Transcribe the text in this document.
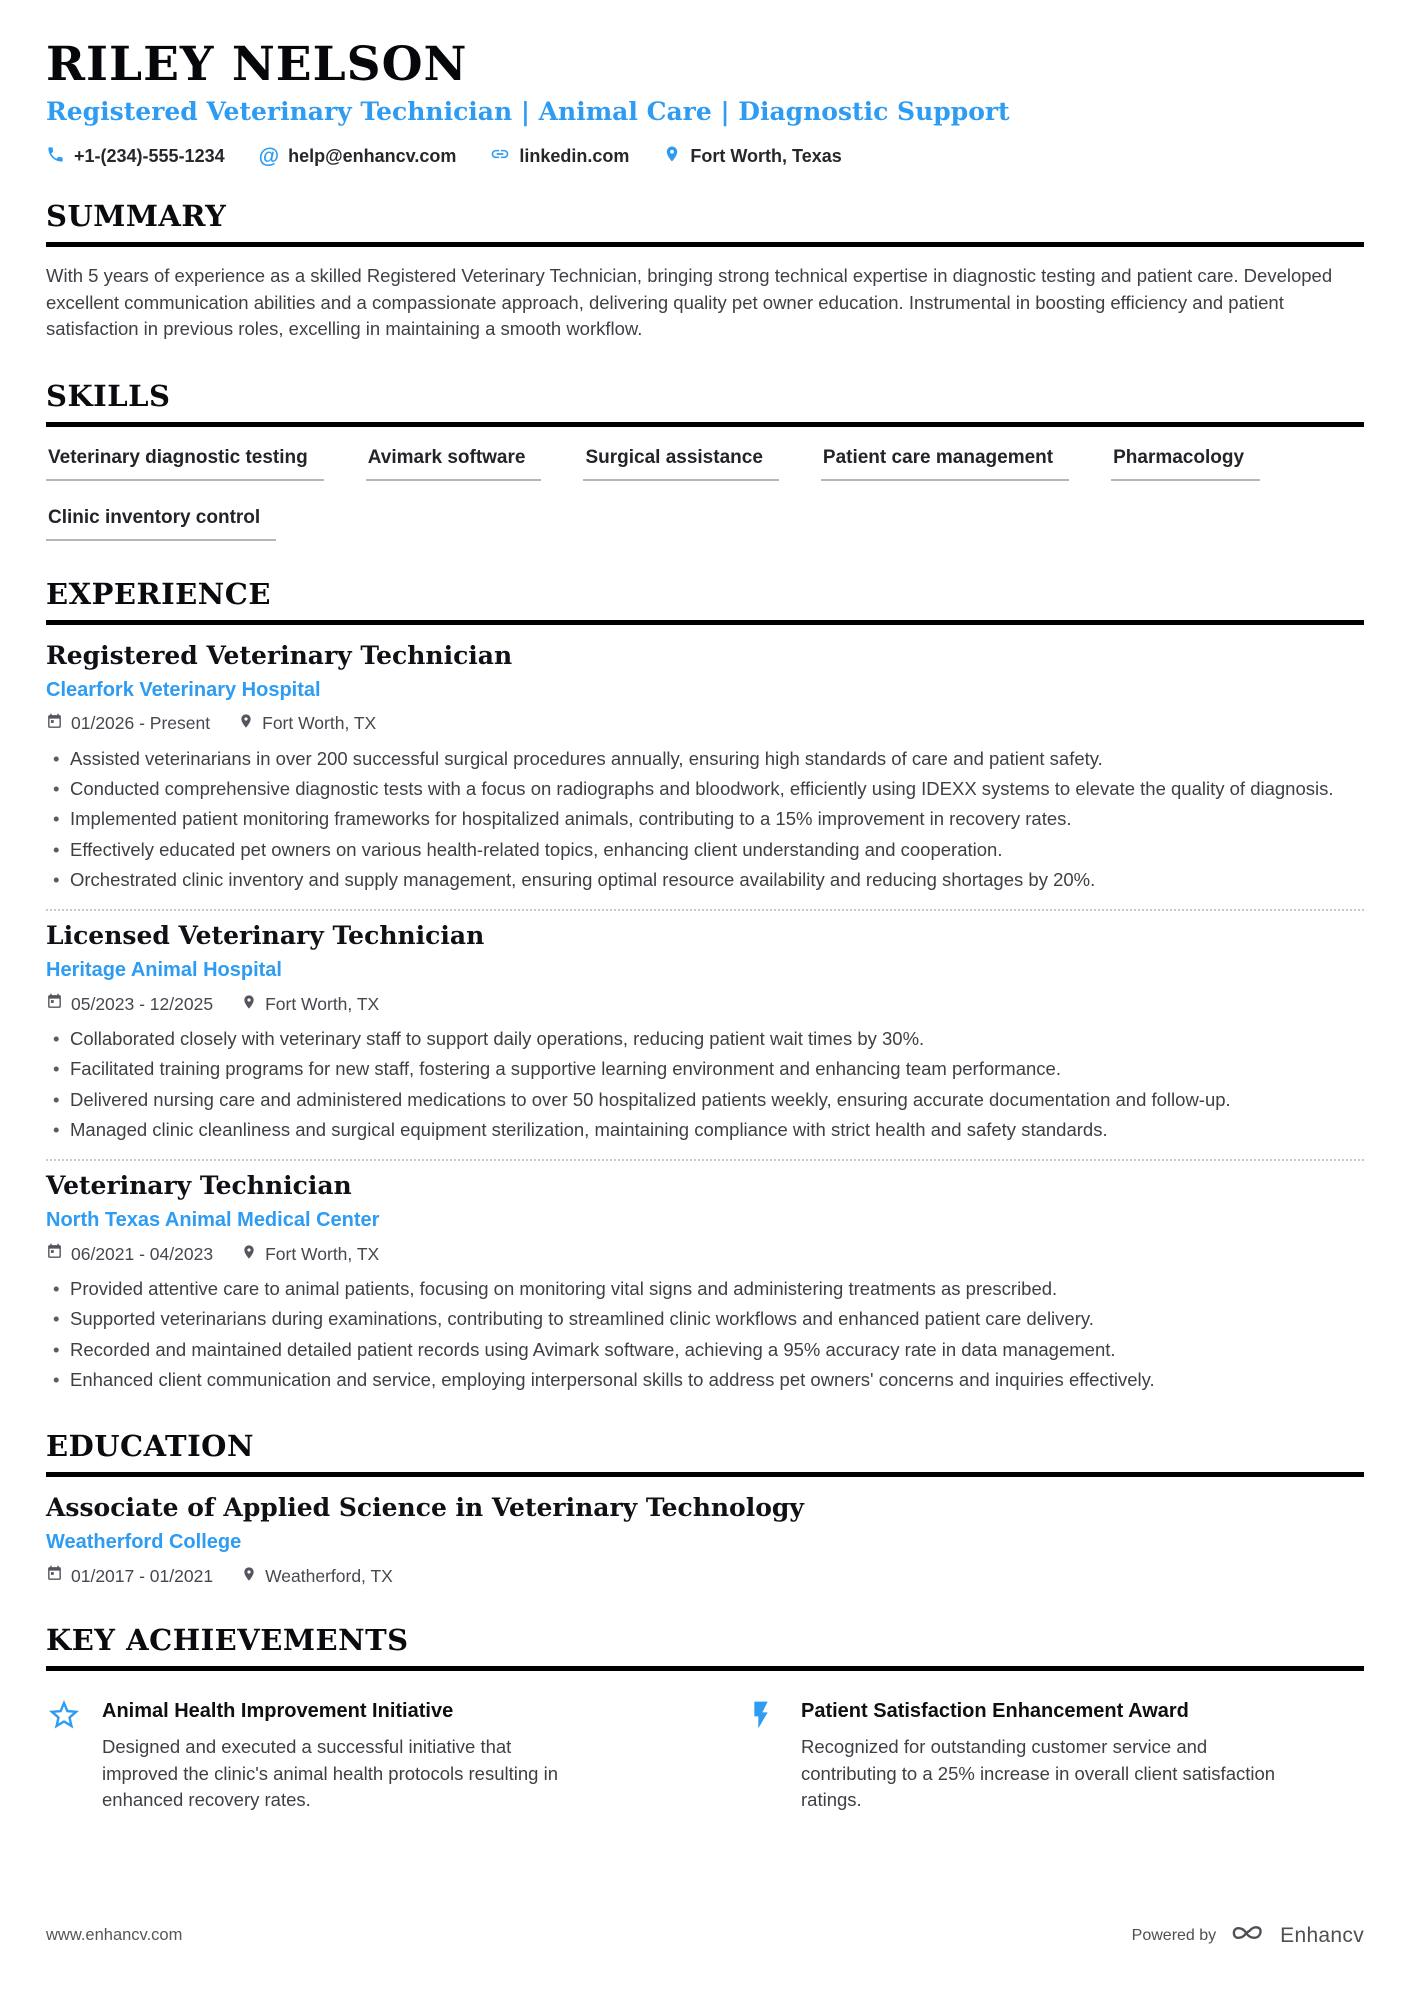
RILEY NELSON
Registered Veterinary Technician | Animal Care | Diagnostic Support
+1-(234)-555-1234 @ help@enhancv.com	linkedin.com	Fort Worth, Texas
SUMMARY

With 5 years of experience as a skilled Registered Veterinary Technician, bringing strong technical expertise in diagnostic testing and patient care. Developed excellent communication abilities and a compassionate approach, delivering quality pet owner education. Instrumental in boosting efficiency and patient satisfaction in previous roles, excelling in maintaining a smooth workflow.

SKILLS
Veterinary diagnostic testing	Avimark software	Surgical assistance	Patient care management	Pharmacology
Clinic inventory control
EXPERIENCE
Registered Veterinary Technician
Clearfork Veterinary Hospital
01/2026 - Present	Fort Worth, TX
• Assisted veterinarians in over 200 successful surgical procedures annually, ensuring high standards of care and patient safety.
• Conducted comprehensive diagnostic tests with a focus on radiographs and bloodwork, efficiently using IDEXX systems to elevate the quality of diagnosis.
• Implemented patient monitoring frameworks for hospitalized animals, contributing to a 15% improvement in recovery rates.
• Effectively educated pet owners on various health-related topics, enhancing client understanding and cooperation.
• Orchestrated clinic inventory and supply management, ensuring optimal resource availability and reducing shortages by 20%.
Licensed Veterinary Technician
Heritage Animal Hospital
05/2023 - 12/2025	Fort Worth, TX
• Collaborated closely with veterinary staff to support daily operations, reducing patient wait times by 30%.
• Facilitated training programs for new staff, fostering a supportive learning environment and enhancing team performance.
• Delivered nursing care and administered medications to over 50 hospitalized patients weekly, ensuring accurate documentation and follow-up.
• Managed clinic cleanliness and surgical equipment sterilization, maintaining compliance with strict health and safety standards.
Veterinary Technician
North Texas Animal Medical Center
06/2021 - 04/2023	Fort Worth, TX
• Provided attentive care to animal patients, focusing on monitoring vital signs and administering treatments as prescribed.
• Supported veterinarians during examinations, contributing to streamlined clinic workflows and enhanced patient care delivery.
• Recorded and maintained detailed patient records using Avimark software, achieving a 95% accuracy rate in data management.
• Enhanced client communication and service, employing interpersonal skills to address pet owners' concerns and inquiries effectively.
EDUCATION
Associate of Applied Science in Veterinary Technology
Weatherford College
01/2017 - 01/2021	Weatherford, TX
KEY ACHIEVEMENTS
Animal Health Improvement Initiative

Designed and executed a successful initiative that improved the clinic's animal health protocols resulting in enhanced recovery rates.

Patient Satisfaction Enhancement Award

Recognized for outstanding customer service and contributing to a 25% increase in overall client satisfaction ratings.

www.enhancv.com	Powered by	Enhancv
